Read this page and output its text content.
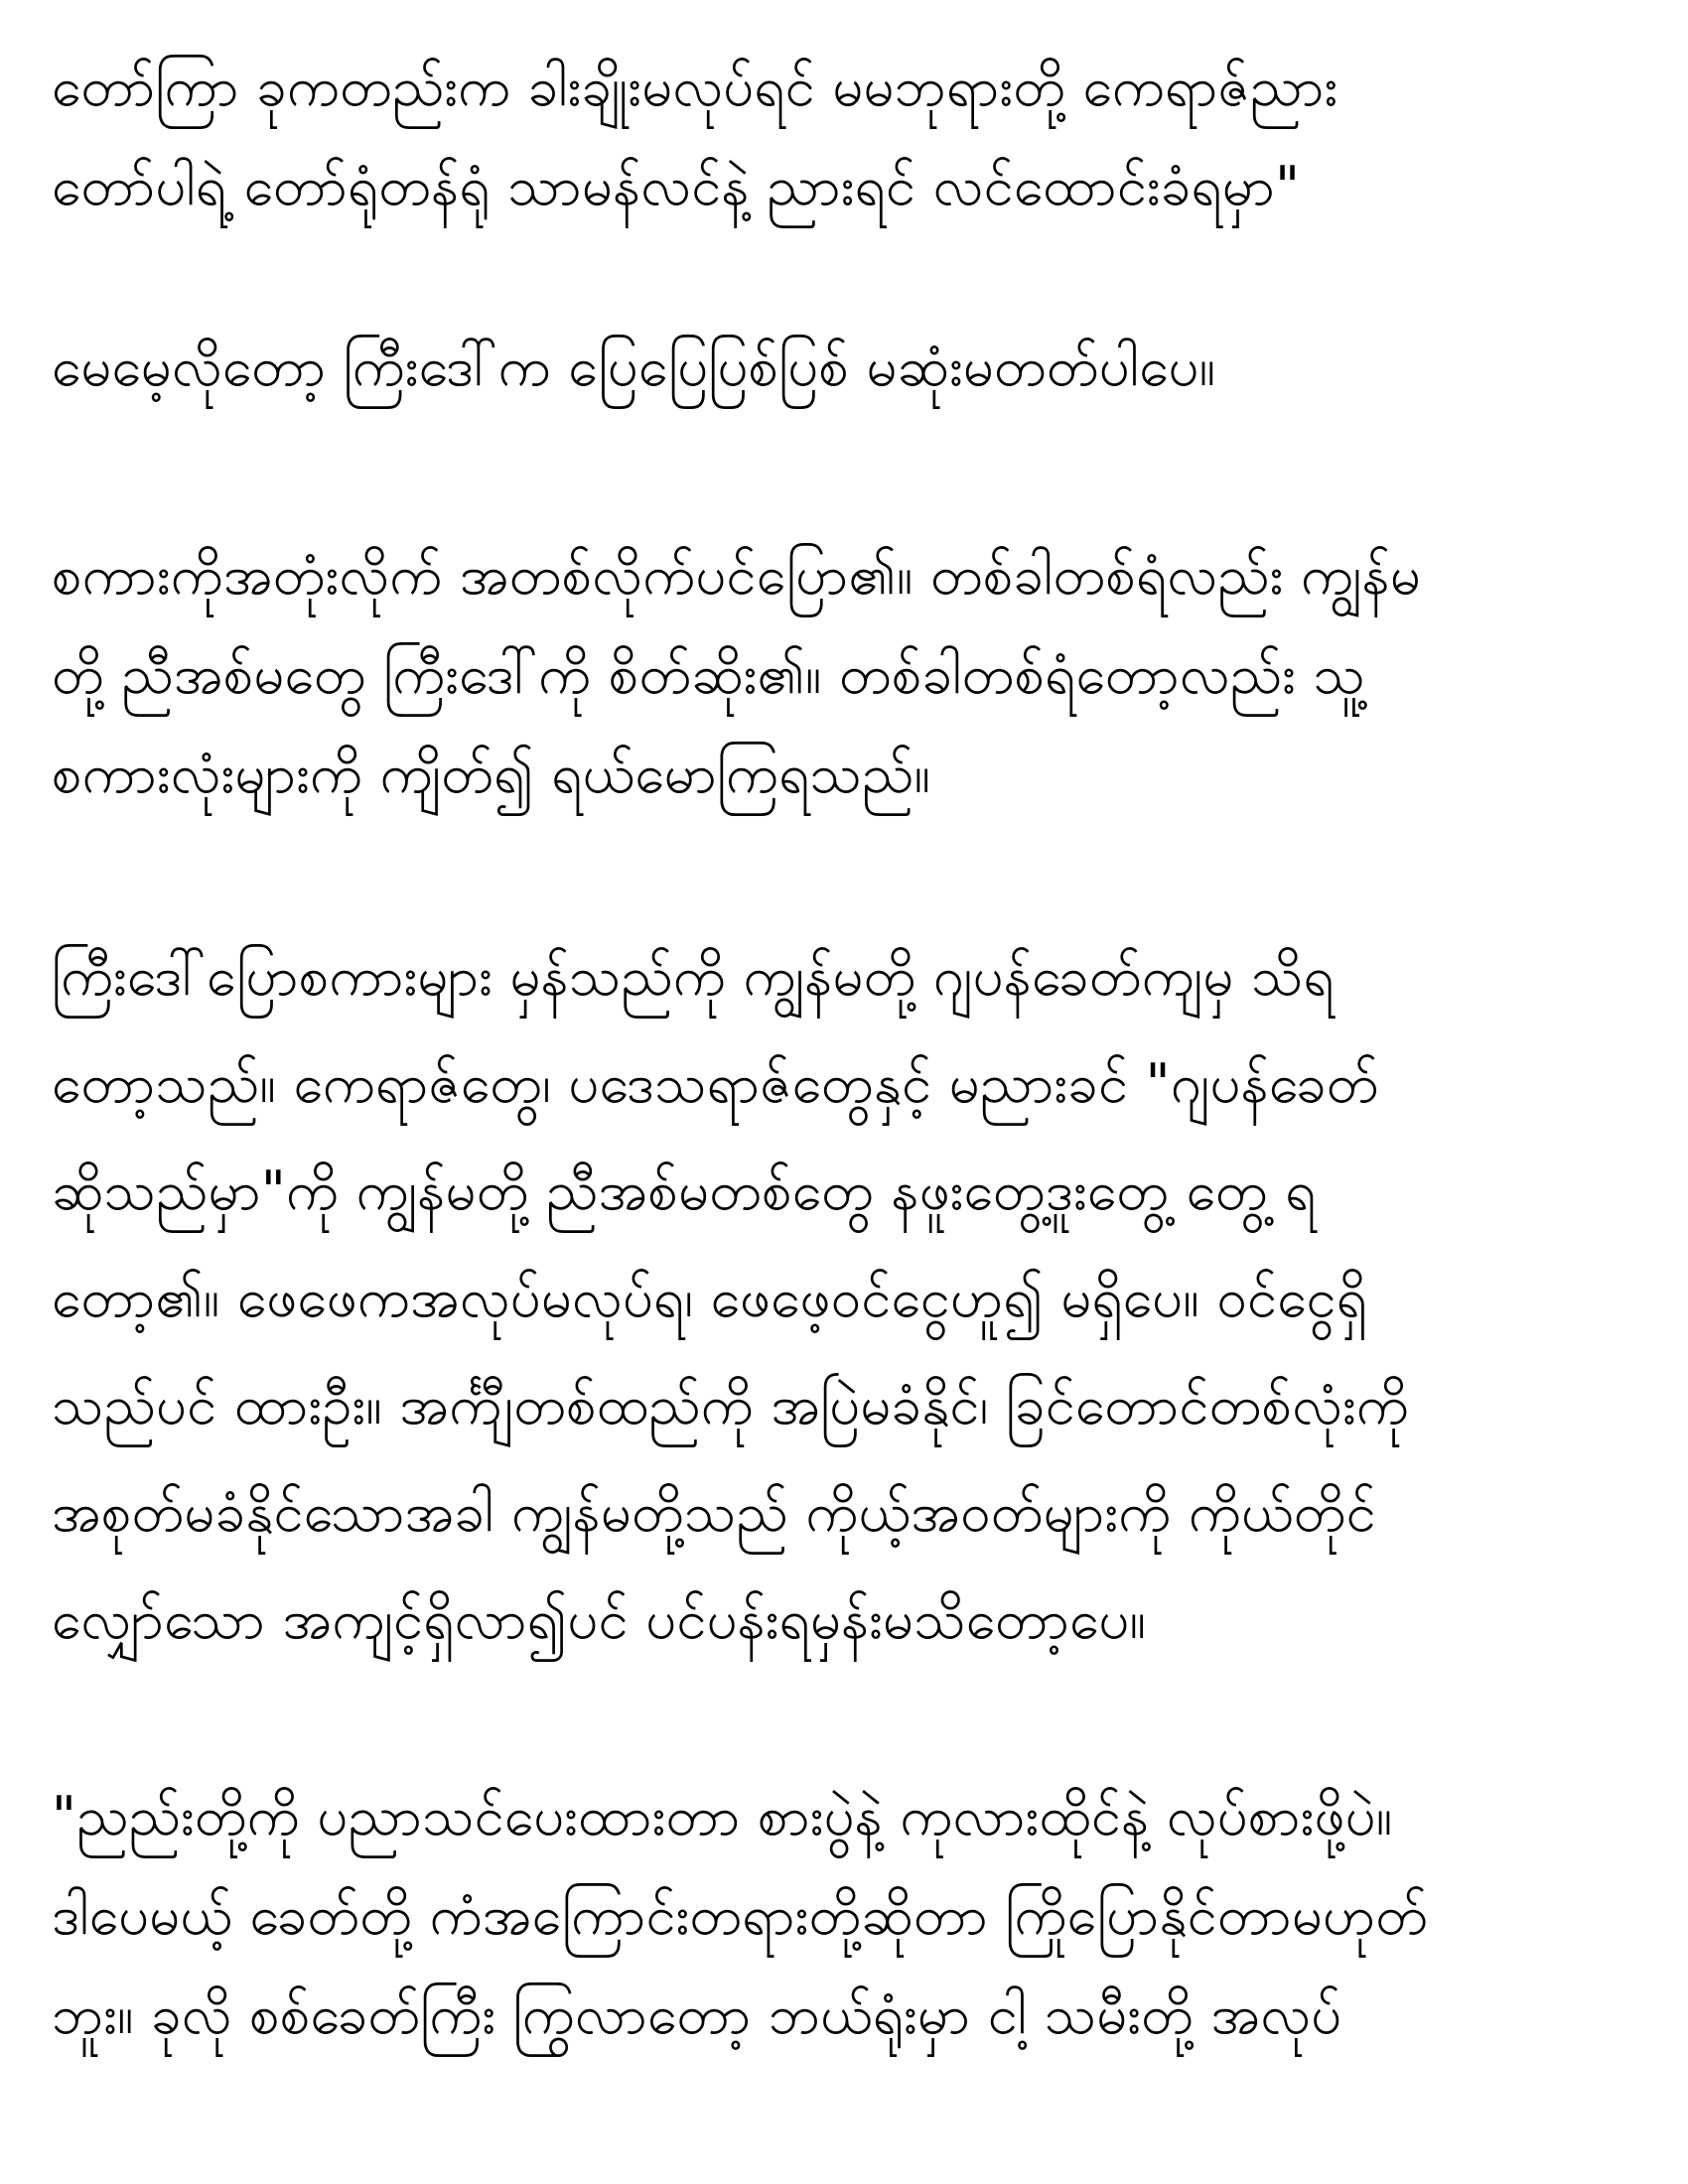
တော်ကြာ ခုကတည်းက ခါးချိုးမလုပ်ရင် မမဘုရားတို့ ကေရာဇ်ညား
တော်ပါရဲ့ တော်ရုံတန်ရုံ သာမန်လင်နဲ့ ညားရင် လင်ထောင်းခံရမှာ"
မေမေ့လိုတော့ ကြီးဒေါ်က ပြေပြေပြစ်ပြစ် မဆုံးမတတ်ပါပေ။
စကားကိုအတုံးလိုက် အတစ်လိုက်ပင်ပြော၏။ တစ်ခါတစ်ရံလည်း ကျွန်မ
တို့ ညီအစ်မတွေ ကြီးဒေါ်ကို စိတ်ဆိုး၏။ တစ်ခါတစ်ရံတော့လည်း သူ့
စကားလုံးများကို ကျိတ်၍ ရယ်မောကြရသည်။
ကြီးဒေါ်ပြောစကားများ မှန်သည်ကို ကျွန်မတို့ ဂျပန်ခေတ်ကျမှ သိရ
တော့သည်။ ကေရာဇ်တွေ၊ ပဒေသရာဇ်တွေနှင့် မညားခင် "ဂျပန်ခေတ်
ဆိုသည်မှာ"ကို ကျွန်မတို့ ညီအစ်မတစ်တွေ နဖူးတွေ့ဒူးတွေ့ တွေ့ ရ
တော့၏။ ဖေဖေကအလုပ်မလုပ်ရ၊ ဖေဖေ့ဝင်ငွေဟူ၍ မရှိပေ။ ဝင်ငွေရှိ
သည်ပင် ထားဦး။ အင်္ကျီတစ်ထည်ကို အပြဲမခံနိုင်၊ ခြင်တောင်တစ်လုံးကို
အစုတ်မခံနိုင်သောအခါ ကျွန်မတို့သည် ကိုယ့်အဝတ်များကို ကိုယ်တိုင်
လျှော်သော အကျင့်ရှိလာ၍ပင် ပင်ပန်းရမှန်းမသိတော့ပေ။
"ညည်းတို့ကို ပညာသင်ပေးထားတာ စားပွဲနဲ့ ကုလားထိုင်နဲ့ လုပ်စားဖို့ပဲ။
ဒါပေမယ့် ခေတ်တို့ ကံအကြောင်းတရားတို့ဆိုတာ ကြိုပြောနိုင်တာမဟုတ်
ဘူး။ ခုလို စစ်ခေတ်ကြီး ကြွလာတော့ ဘယ်ရုံးမှာ ငါ့ သမီးတို့ အလုပ်
